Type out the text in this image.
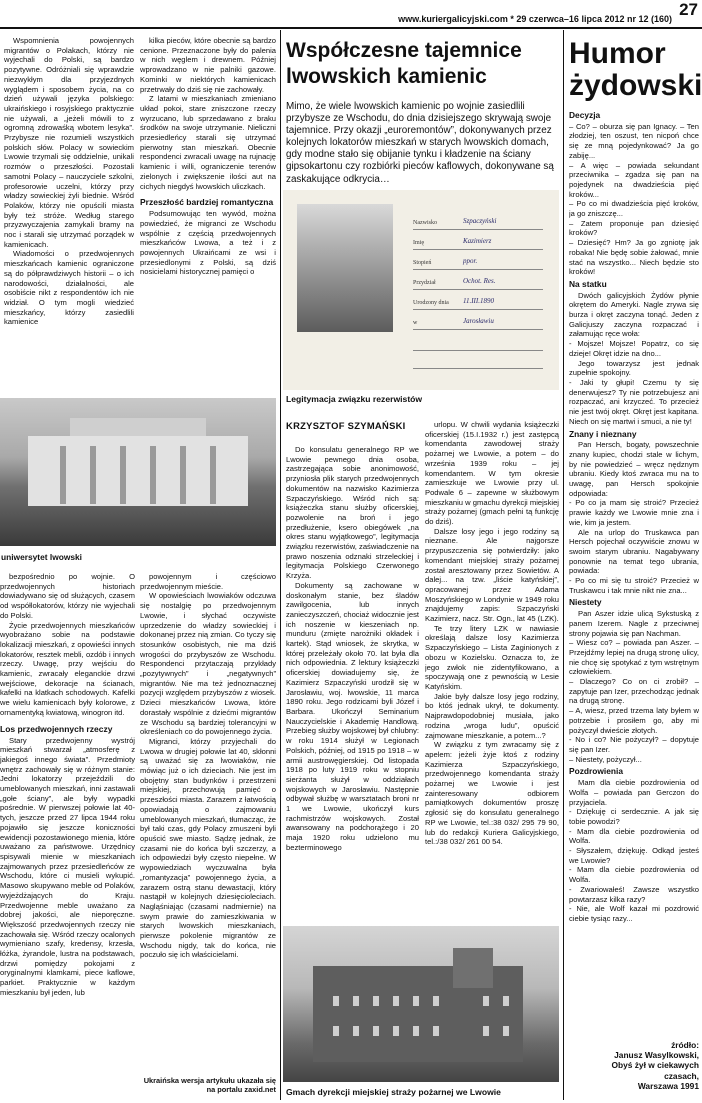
www.kuriergalicyjski.com * 29 czerwca–16 lipca 2012 nr 12 (160) 27

Wspomnienia powojennych migrantów o Polakach, którzy nie wyjechali do Polski, są bardzo pozytywne. Odróżniali się wprawdzie niezwykłym dla przyjezdnych wyglądem i sposobem życia, na co dzień używali języka polskiego: ukraińskiego i rosyjskiego praktycznie nie używali, a „jeżeli mówili to z ogromną zdrowaśką wbotem lesyka”. Przybysze nie rozumieli wszystkich polskich słów. Polacy w sowieckim Lwowie trzymali się oddzielnie, unikali rozmów o przeszłości. Pozostali samotni Polacy – nauczyciele szkolni, profesorowie uczelni, którzy przy władzy sowieckiej żyli biednie. Wśród Polaków, którzy nie opuścili miasta były też stróże. Według starego przyzwyczajenia zamykali bramy na noc i starali się utrzymać porządek w kamienicach.

Wiadomości o przedwojennych mieszkańcach kamienic ograniczone są do półprawdziwych historii – o ich narodowości, działalności, ale osobiście nikt z respondentów ich nie widział. O tym mogli wiedzieć mieszkańcy, którzy zasiedlili kamienice

kilka pieców, które obecnie są bardzo cenione. Przeznaczone były do palenia w nich węglem i drewnem. Później wprowadzano w nie palniki gazowe. Kominki w niektórych kamienicach przetrwały do dziś się nie zachowały.

Z latami w mieszkaniach zmieniano układ pokoi, stare zniszczone rzeczy wyrzucano, lub sprzedawano z braku środków na swoje utrzymanie. Nieliczni przesiedleńcy starali się utrzymać pierwotny stan mieszkań. Obecnie respondenci zwracali uwagę na rujnację kamienic i willi, ograniczenie terenów zielonych i zwiększenie ilości aut na cichych niegdyś lwowskich uliczkach.

Przeszłość bardziej romantyczna

Podsumowując ten wywód, można powiedzieć, że migranci ze Wschodu wspólnie z częścią przedwojennych mieszkańców Lwowa, a też i z powojennych Ukraińcami ze wsi i przesiedlonymi z Polski, są dziś nosicielami historycznej pamięci o

uniwersytet lwowski

bezpośrednio po wojnie. O przedwojennych historiach dowiadywano się od służących, czasem od współlokatorów, którzy nie wyjechali do Polski.

Życie przedwojennych mieszkańców wyobrażano sobie na podstawie lokalizacji mieszkań, z opowieści innych lokatorów, resztek mebli, ozdób i innych rzeczy. Uwagę, przy wejściu do kamienic, zwracały eleganckie drzwi wejściowe, dekoracje na ścianach, kafelki na klatkach schodowych. Kafelki we wielu kamienicach były kolorowe, z ornamentyką kwiatową, winogron itd.

Los przedwojennych rzeczy

Stary przedwojenny wystrój mieszkań stwarzał „atmosferę z jakiegoś innego świata”. Przedmioty wnętrz zachowały się w różnym stanie: Jedni lokatorzy przejeździli do umeblowanych mieszkań, inni zastawali „gołe ściany”, ale były wypadki pośrednie. W pierwszej połowie lat 40-tych, jeszcze przed 27 lipca 1944 roku pojawiło się jeszcze koniczności ewidencji pozostawionego mienia, które uważano za państwowe. Urzędnicy spisywali mienie w mieszkaniach zajmowanych przez przesiedleńców ze Wschodu, które ci musieli wykupić. Masowo skupywano meble od Polaków, wyjeżdżających do Kraju. Przedwojenne meble uważano za dobrej jakości, ale nieporęczne. Większość przedwojennych rzeczy nie zachowała się. Wśród rzeczy ocalonych wymieniano szafy, kredensy, krzesła, łóżka, żyrandole, lustra na podstawach, drzwi pomiędzy pokojami z oryginalnymi klamkami, piece kaflowe, parkiet. Praktycznie w każdym mieszkaniu był jeden, lub

powojennym i częściowo przedwojennym mieście.

W opowieściach lwowiaków odczuwa się nostalgię po przedwojennym Lwowie, i słychać oczywiste uprzedzenie do władzy sowieckiej i dokonanej przez nią zmian. Co tyczy się stosunków osobistych, nie ma dziś wrogości do przybyszów ze Wschodu. Respondenci przytaczają przykłady „pozytywnych” i „negatywnych” migrantów. Nie ma też jednoznacznej pozycji względem przybyszów z wiosek. Dzieci mieszkańców Lwowa, które dorastały wspólnie z dziećmi migrantów ze Wschodu są bardziej tolerancyjni w określeniach co do powojennego życia.

Migranci, którzy przyjechali do Lwowa w drugiej połowie lat 40, skłonni są uważać się za lwowiaków, nie mówiąc już o ich dzieciach. Nie jest im obojętny stan budynków i przestrzeni miejskiej, przechowują pamięć o przeszłości miasta. Zarazem z łatwością opowiadają o zajmowaniu umeblowanych mieszkań, tłumacząc, że był taki czas, gdy Polacy zmuszeni byli opuścić swe miasto. Sądzę jednak, że czasami nie do końca byli szczerzy, a ich odpowiedzi były często niepełne. W wypowiedziach wyczuwalna była „romantyzacja” powojennego życia, a zarazem ostrą stanu dewastacji, który nastąpił w kolejnych dziesięcioleciach. Nagląśniając (czasami nadmiernie) na swym prawie do zamieszkiwania w starych lwowskich mieszkaniach, pierwsze pokolenie migrantów ze Wschodu nigdy, tak do końca, nie poczuło się ich właścicielami.

Ukraińska wersja artykułu ukazała się na portalu zaxid.net
Współczesne tajemnice lwowskich kamienic
Mimo, że wiele lwowskich kamienic po wojnie zasiedlili przybysze ze Wschodu, do dnia dzisiejszego skrywają swoje tajemnice. Przy okazji „euroremontów”, dokonywanych przez kolejnych lokatorów mieszkań w starych lwowskich domach, gdy modne stało się obijanie tynku i kładzenie na ściany gipsokartonu czy rozbiórki pieców kaflowych, dokonywane są zaskakujące odkrycia…
Nazwisko	Szpaczyński
Imię	Kazimierz
Stopień	ppor.
Przydział	Ochot. Res.
Urodzony dnia 11.III.1890
w	Jarosławiu
Legitymacja związku rezerwistów
KRZYSZTOF SZYMAŃSKI

Do konsulatu generalnego RP we Lwowie pewnego dnia osoba, zastrzegająca sobie anonimowość, przyniosła plik starych przedwojennych dokumentów na nazwisko Kazimierza Szpaczyńskiego. Wśród nich są: książeczka stanu służby oficerskiej, pozwolenie na broń i jego przedłużenie, ksero obiegówek „na okres stanu wyjątkowego”, legitymacja związku rezerwistów, zaświadczenie na prawo noszenia odznaki strzeleckiej i legitymacja Polskiego Czerwonego Krzyża.

Dokumenty są zachowane w doskonałym stanie, bez śladów zawilgocenia, lub innych zanieczyszczeń, chociaż widocznie jest ich noszenie w kieszeniach np. munduru (zmięte narożniki okładek i kartek). Stąd wniosek, że skrytka, w której przeleżały około 70. lat była dla nich odpowiednia. Z lektury książeczki oficerskiej dowiadujemy się, że Kazimierz Szpaczyński urodził się w Jarosławiu, woj. lwowskie, 11 marca 1890 roku. Jego rodzicami byli Józef i Barbara. Ukończył Seminarium Nauczycielskie i Akademię Handlową. Przebieg służby wojskowej był chlubny: w roku 1914 służył w Legionach Polskich, później, od 1915 po 1918 – w armii austrowęgierskiej. Od listopada 1918 po luty 1919 roku w stopniu sierżanta służył w oddziałach wojskowych w Jarosławiu. Następnie odbywał służbę w warsztatach broni nr 1 we Lwowie, ukończył kurs rachmistrzów wojskowych. Został awansowany na podchorążego i 20 maja 1920 roku udzielono mu bezterminowego

urlopu. W chwili wydania książeczki oficerskiej (15.I.1932 r.) jest zastępcą komendanta zawodowej straży pożarnej we Lwowie, a potem – do września 1939 roku – jej komendantem. W tym okresie zamieszkuje we Lwowie przy ul. Podwale 6 – zapewne w służbowym mieszkaniu w gmachu dyrekcji miejskiej straży pożarnej (gmach pełni tą funkcję do dziś).

Dalsze losy jego i jego rodziny są nieznane. Ale najgorsze przypuszczenia się potwierdziły: jako komendant miejskiej straży pożarnej został aresztowany przez Sowietów. A dalej... na tzw. „liście katyńskiej”, opracowanej przez Adama Moszyńskiego w Londynie w 1949 roku znajdujemy zapis: Szpaczyński Kazimierz, nacz. Str. Ogn., lat 45 (LZK).

Te trzy litery LZK w nawiasie określają dalsze losy Kazimierza Szpaczyńskiego – Lista Zaginionych z obozu w Kozielsku. Oznacza to, że jego zwłok nie zidentyfikowano, a spoczywają one z pewnością w Lesie Katyńskim.

Jakie były dalsze losy jego rodziny, bo któś jednak ukrył, te dokumenty. Najprawdopodobniej musiała, jako rodzina „wroga ludu”, opuścić zajmowane mieszkanie, a potem...?

W związku z tym zwracamy się z apelem: jeżeli żyje ktoś z rodziny Kazimierza Szpaczyńskiego, przedwojennego komendanta straży pożarnej we Lwowie i jest zainteresowany odbiorem pamiątkowych dokumentów proszę zgłosić się do konsulatu generalnego RP we Lwowie, tel.:38 032/ 295 79 90, lub do redakcji Kuriera Galicyjskiego, tel.:/38 032/ 261 00 54.

Gmach dyrekcji miejskiej straży pożarnej we Lwowie
Humor żydowski
Decyzja

– Co? – oburza się pan Ignacy. – Ten złodziej, ten oszust, ten nicpoń chce się ze mną pojedynkować? Ja go zabiję...

– A więc – powiada sekundant przeciwnika – zgadza się pan na pojedynek na dwadzieścia pięć kroków...

– Po co mi dwadzieścia pięć kroków, ja go zniszczę...

– Zatem proponuje pan dziesięć kroków?

– Dziesięć? Hm? Ja go zgniotę jak robaka! Nie będę sobie żałować, mnie stać na wszystko... Niech będzie sto kroków!

Na statku

Dwóch galicyjskich Żydów płynie okrętem do Ameryki. Nagle zrywa się burza i okręt zaczyna tonąć. Jeden z Galicjuszy zaczyna rozpaczać i załamując ręce woła:

- Mojsze! Mojsze! Popatrz, co się dzieje! Okręt idzie na dno...

Jego towarzysz jest jednak zupełnie spokojny.

- Jaki ty głupi! Czemu ty się denerwujesz? Ty nie potrzebujesz ani rozpaczać, ani krzyczeć. To przecież nie jest twój okręt. Okręt jest kapitana. Niech on się martwi i smuci, a nie ty!

Znany i nieznany

Pan Hersch, bogaty, powszechnie znany kupiec, chodzi stale w lichym, by nie powiedzieć – wręcz nędznym ubraniu. Kiedy ktoś zwraca mu na to uwagę, pan Hersch spokojnie odpowiada:

- Po co ja mam się stroić? Przecież prawie każdy we Lwowie mnie zna i wie, kim ja jestem.

Ale na urlop do Truskawca pan Hersch pojechał oczywiście znowu w swoim starym ubraniu. Nagabywany ponownie na temat tego ubrania, powiada:

- Po co mi się tu stroić? Przecież w Truskawcu i tak mnie nikt nie zna...

Niestety

Pan Aszer idzie ulicą Sykstuską z panem Izerem. Nagle z przeciwnej strony pojawia się pan Nachman.

– Wiesz co? – powiada pan Aszer. – Przejdźmy lepiej na drugą stronę ulicy, nie chcę się spotykać z tym wstrętnym człowiekiem.

– Dlaczego? Co on ci zrobił? – zapytuje pan Izer, przechodząc jednak na drugą stronę.

– A, wiesz, przed trzema laty byłem w potrzebie i prosiłem go, aby mi pożyczył dwieście złotych.

- No i co? Nie pożyczył? – dopytuje się pan Izer.

– Niestety, pożyczył...

Pozdrowienia

Mam dla ciebie pozdrowienia od Wolfa – powiada pan Gerczon do przyjaciela.

- Dziękuję ci serdecznie. A jak się tobie powodzi?

- Mam dla ciebie pozdrowienia od Wolfa.

- Słyszałem, dziękuję. Odkąd jesteś we Lwowie?

- Mam dla ciebie pozdrowienia od Wolfa.

- Zwariowałeś! Zawsze wszystko powtarzasz kilka razy?

- Nie, ale Wolf kazał mi pozdrowić ciebie tysiąc razy...

źródło:
Janusz Wasylkowski,
Obyś żył w ciekawych
czasach,
Warszawa 1991
